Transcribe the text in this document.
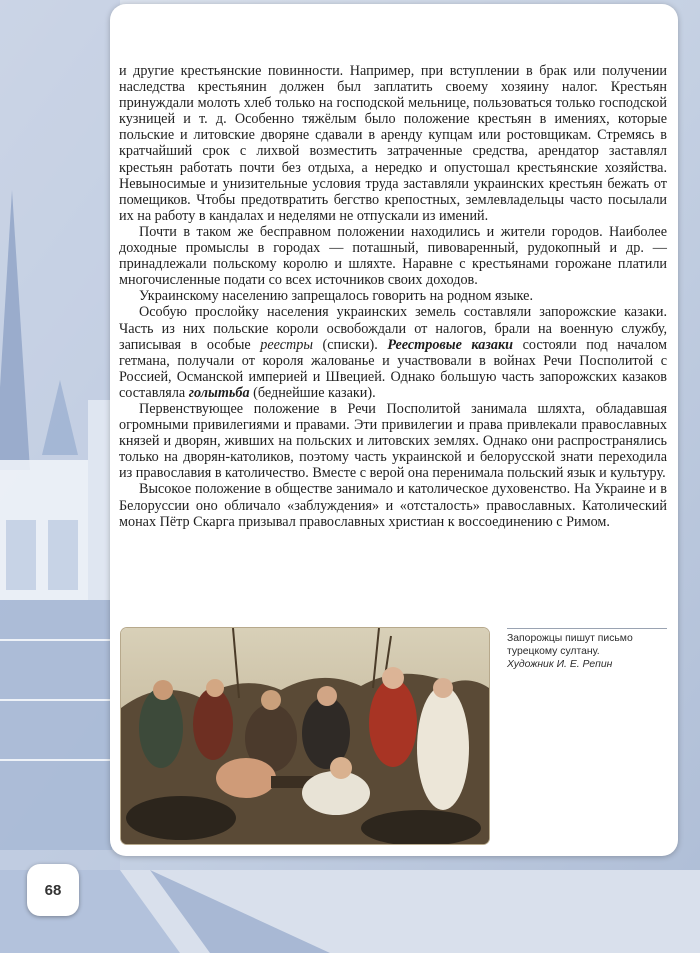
и другие крестьянские повинности. Например, при вступлении в брак или получении наследства крестьянин должен был заплатить своему хозяину налог. Крестьян принуждали молоть хлеб только на господской мельнице, пользоваться только господской кузницей и т. д. Особенно тяжёлым было положение крестьян в имениях, которые польские и литовские дворяне сдавали в аренду купцам или ростовщикам. Стремясь в кратчайший срок с лихвой возместить затраченные средства, арендатор заставлял крестьян работать почти без отдыха, а нередко и опустошал крестьянские хозяйства. Невыносимые и унизительные условия труда заставляли украинских крестьян бежать от помещиков. Чтобы предотвратить бегство крепостных, землевладельцы часто посылали их на работу в кандалах и неделями не отпускали из имений.

Почти в таком же бесправном положении находились и жители городов. Наиболее доходные промыслы в городах — поташный, пивоваренный, рудокопный и др. — принадлежали польскому королю и шляхте. Наравне с крестьянами горожане платили многочисленные подати со всех источников своих доходов.

Украинскому населению запрещалось говорить на родном языке.

Особую прослойку населения украинских земель составляли запорожские казаки. Часть из них польские короли освобождали от налогов, брали на военную службу, записывая в особые реестры (списки). Реестровые казаки состояли под началом гетмана, получали от короля жалованье и участвовали в войнах Речи Посполитой с Россией, Османской империей и Швецией. Однако большую часть запорожских казаков составляла голытьба (беднейшие казаки).

Первенствующее положение в Речи Посполитой занимала шляхта, обладавшая огромными привилегиями и правами. Эти привилегии и права привлекали православных князей и дворян, живших на польских и литовских землях. Однако они распространялись только на дворян-католиков, поэтому часть украинской и белорусской знати переходила из православия в католичество. Вместе с верой она перенимала польский язык и культуру.

Высокое положение в обществе занимало и католическое духовенство. На Украине и в Белоруссии оно обличало «заблуждения» и «отсталость» православных. Католический монах Пётр Скарга призывал православных христиан к воссоединению с Римом.

Запорожцы пишут письмо турецкому султану.
Художник И. Е. Репин
68
